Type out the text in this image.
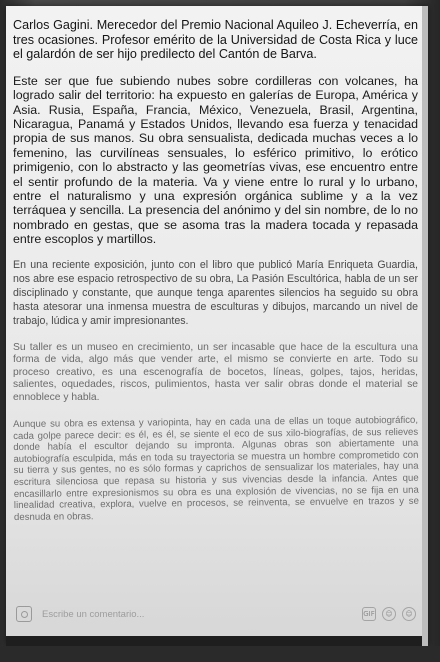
Carlos Gagini. Merecedor del Premio Nacional Aquileo J. Echeverría, en tres ocasiones. Profesor emérito de la Universidad de Costa Rica y luce el galardón de ser hijo predilecto del Cantón de Barva.

Este ser que fue subiendo nubes sobre cordilleras con volcanes, ha logrado salir del territorio: ha expuesto en galerías de Europa, América y Asia. Rusia, España, Francia, México, Venezuela, Brasil, Argentina, Nicaragua, Panamá y Estados Unidos, llevando esa fuerza y tenacidad propia de sus manos. Su obra sensualista, dedicada muchas veces a lo femenino, las curvilíneas sensuales, lo esférico primitivo, lo erótico primigenio, con lo abstracto y las geometrías vivas, ese encuentro entre el sentir profundo de la materia. Va y viene entre lo rural y lo urbano, entre el naturalismo y una expresión orgánica sublime y a la vez terráquea y sencilla. La presencia del anónimo y del sin nombre, de lo no nombrado en gestas, que se asoma tras la madera tocada y repasada entre escoplos y martillos.

En una reciente exposición, junto con el libro que publicó María Enriqueta Guardia, nos abre ese espacio retrospectivo de su obra, La Pasión Escultórica, habla de un ser disciplinado y constante, que aunque tenga aparentes silencios ha seguido su obra hasta atesorar una inmensa muestra de esculturas y dibujos, marcando un nivel de trabajo, lúdica y amir impresionantes.

Su taller es un museo en crecimiento, un ser incasable que hace de la escultura una forma de vida, algo más que vender arte, el mismo se convierte en arte. Todo su proceso creativo, es una escenografía de bocetos, líneas, golpes, tajos, heridas, salientes, oquedades, riscos, pulimientos, hasta ver salir obras donde el material se ennoblece y habla.

Aunque su obra es extensa y variopinta, hay en cada una de ellas un toque autobiográfico, cada golpe parece decir: es él, es él, se siente el eco de sus xilo-biografías, de sus relieves donde había el escultor dejando su impronta. Algunas obras son abiertamente una autobiografía esculpida, más en toda su trayectoria se muestra un hombre comprometido con su tierra y sus gentes, no es sólo formas y caprichos de sensualizar los materiales, hay una escritura silenciosa que repasa su historia y sus vivencias desde la infancia. Antes que encasillarlo entre expresionismos su obra es una explosión de vivencias, no se fija en una linealidad creativa, explora, vuelve en procesos, se reinventa, se envuelve en trazos y se desnuda en obras.

Escribe un comentario...	GIF	☺	☺
